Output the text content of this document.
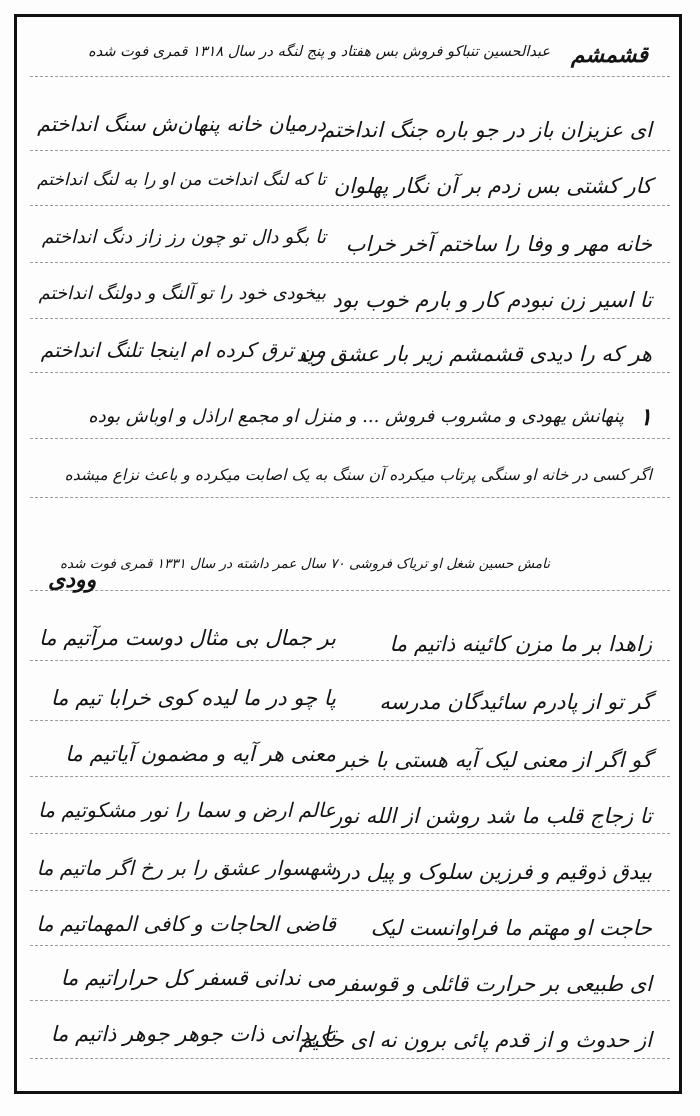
قشمشم
عبدالحسین تنباکو فروش بس هفتاد و پنج لنگه در سال ۱۳۱۸ قمری فوت شده
ای عزیزان باز در جو باره جنگ انداختم
درمیان خانه پنهان‌ش سنگ انداختم
کار کشتی بس زدم بر آن نگار پهلوان
تا که لنگ انداخت من او را به لنگ انداختم
خانه مهر و وفا را ساختم آخر خراب
تا بگو دال تو چون رز زاز دنگ انداختم
تا اسیر زن نبودم کار و بارم خوب بود
بیخودی خود را تو آلنگ و دولنگ انداختم
هر که را دیدی قشمشم زیر بار عشق رید
من ترق کرده ام اینجا تلنگ انداختم
۱
پنهانش یهودی و مشروب فروش ... و منزل او مجمع اراذل و اوباش بوده
اگر کسی در خانه او سنگی پرتاب میکرده آن سنگ به یک اصابت میکرده و باعث نزاع میشده
نامش حسین شغل او تریاک فروشی ۷۰ سال عمر داشته در سال ۱۳۳۱ قمری فوت شده
وودی
زاهدا بر ما مزن کائینه ذاتیم ما
بر جمال بی مثال دوست مرآتیم ما
گر تو از پادرم سائیدگان مدرسه
پا چو در ما لیده کوی خرابا تیم ما
گو اگر از معنی لیک آیه هستی با خبر
معنی هر آیه و مضمون آیاتیم ما
تا زجاج قلب ما شد روشن از الله نور
عالم ارض و سما را نور مشکوتیم ما
بیدق ذوقیم و فرزین سلوک و پیل درد
شهسوار عشق را بر رخ اگر ماتیم ما
حاجت او مهتم ما فراوانست لیک
قاضی الحاجات و کافی المهماتیم ما
ای طبیعی بر حرارت قائلی و قوسفر
می ندانی قسفر کل حراراتیم ما
از حدوث و از قدم پائی برون نه ای حکیم
تا بدانی ذات جوهر جوهر ذاتیم ما
